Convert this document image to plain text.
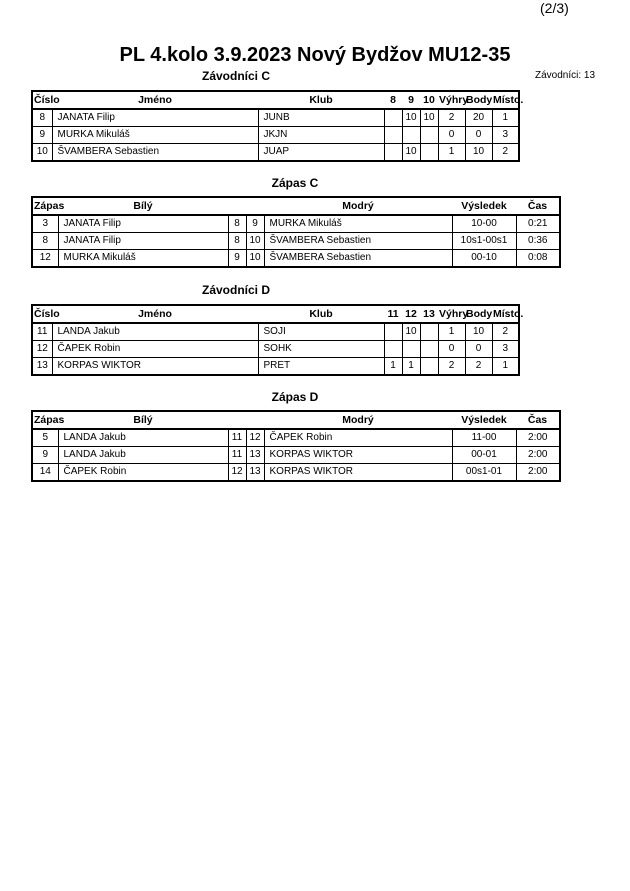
(2/3)
PL 4.kolo 3.9.2023 Nový Bydžov MU12-35
Závodníci: 13
Závodníci C
Číslo	Jméno	Klub	8	9	10	Výhry	Body	Místo.
8	JANATA Filip	JUNB		10	10	2	20	1
9	MURKA Mikuláš	JKJN				0	0	3
10	ŠVAMBERA Sebastien	JUAP		10		1	10	2
Zápas C
Zápas	Bílý			Modrý	Výsledek	Čas
3	JANATA Filip	8	9	MURKA Mikuláš	10-00	0:21
8	JANATA Filip	8	10	ŠVAMBERA Sebastien	10s1-00s1	0:36
12	MURKA Mikuláš	9	10	ŠVAMBERA Sebastien	00-10	0:08
Závodníci D
Číslo	Jméno	Klub	11	12	13	Výhry	Body	Místo.
11	LANDA Jakub	SOJI		10		1	10	2
12	ČAPEK Robin	SOHK				0	0	3
13	KORPAS WIKTOR	PRET	1	1		2	2	1
Zápas D
Zápas	Bílý			Modrý	Výsledek	Čas
5	LANDA Jakub	11	12	ČAPEK Robin	11-00	2:00
9	LANDA Jakub	11	13	KORPAS WIKTOR	00-01	2:00
14	ČAPEK Robin	12	13	KORPAS WIKTOR	00s1-01	2:00
